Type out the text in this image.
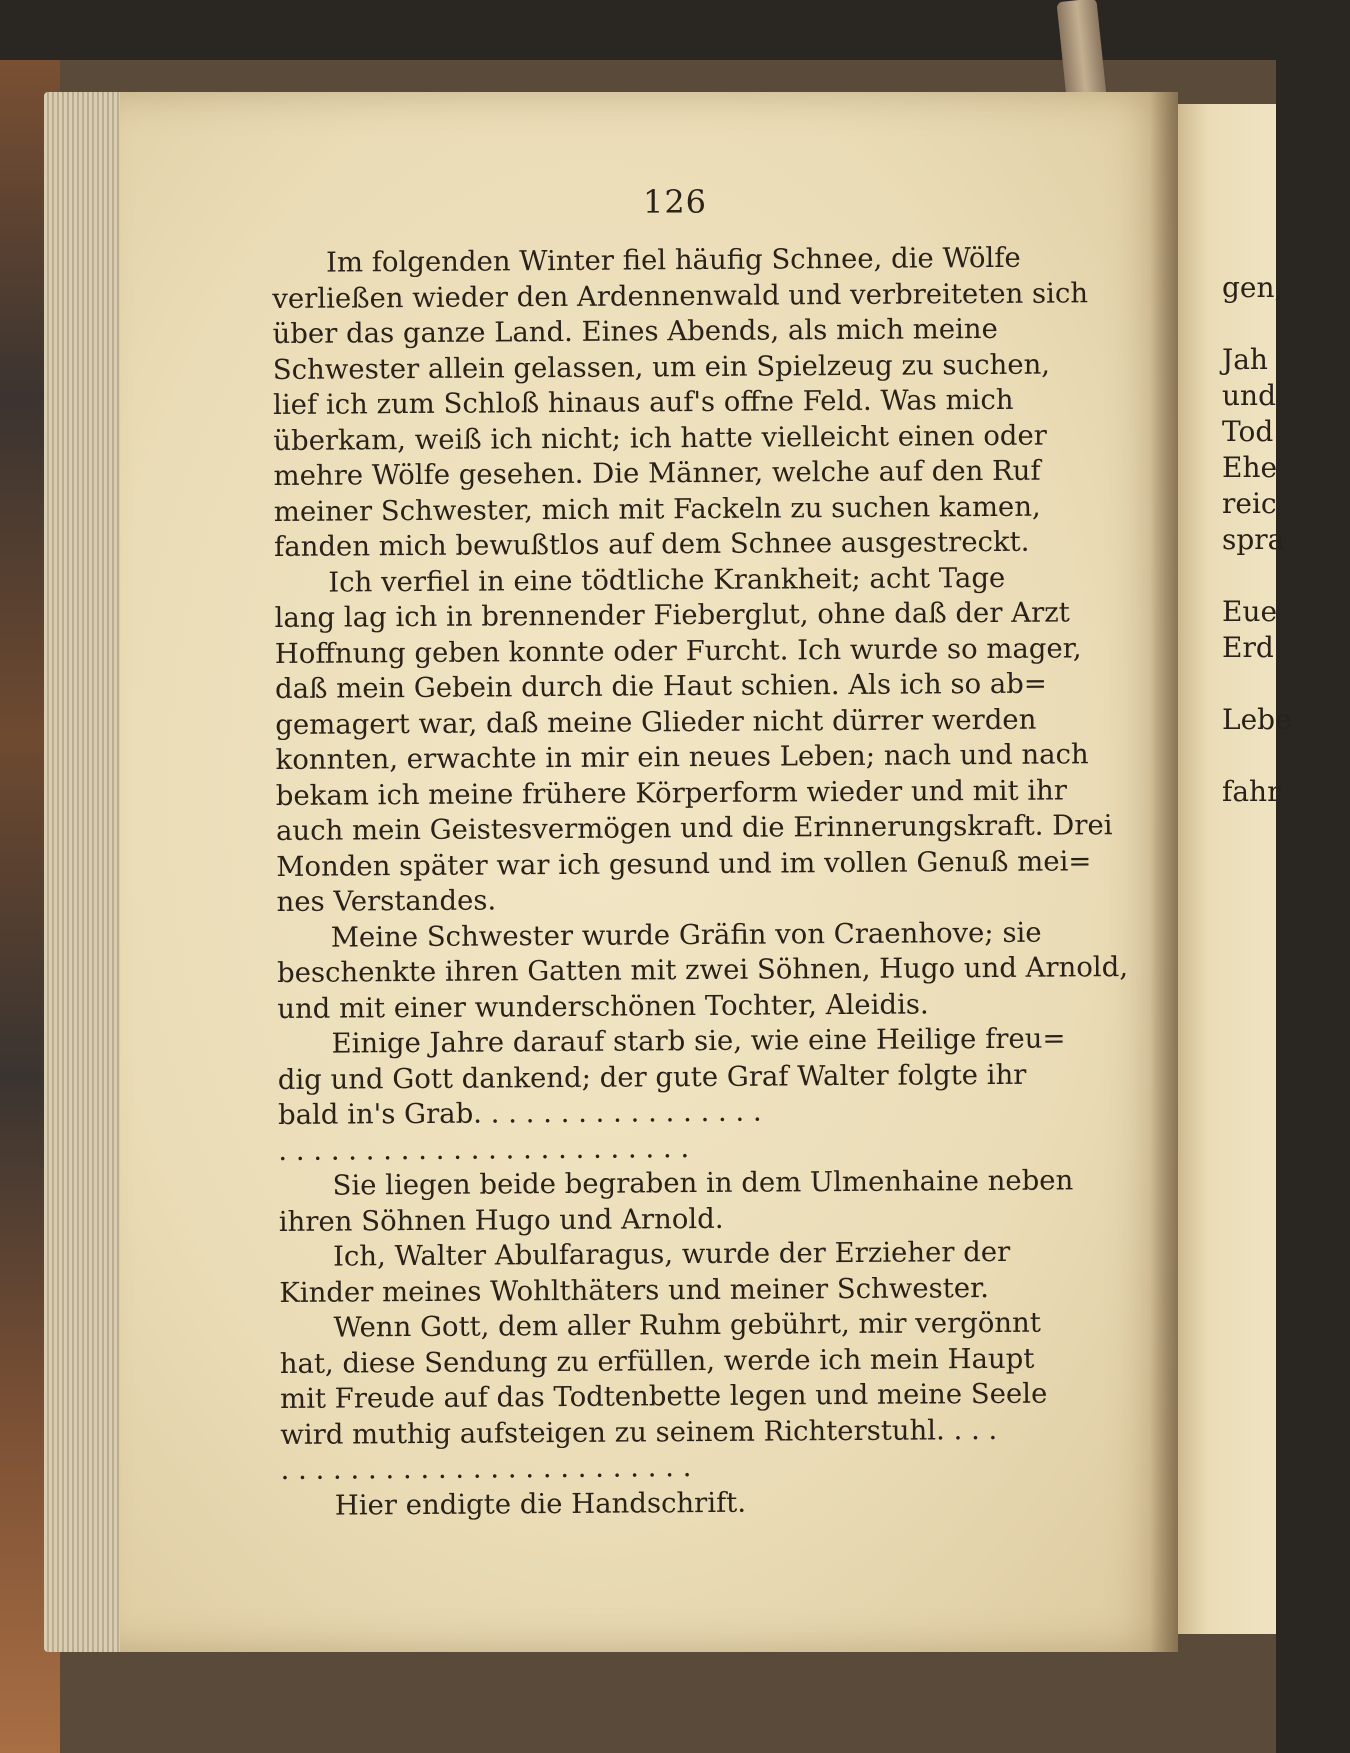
126
Im folgenden Winter fiel häufig Schnee, die Wölfe
verließen wieder den Ardennenwald und verbreiteten sich
über das ganze Land. Eines Abends, als mich meine
Schwester allein gelassen, um ein Spielzeug zu suchen,
lief ich zum Schloß hinaus auf's offne Feld. Was mich
überkam, weiß ich nicht; ich hatte vielleicht einen oder
mehre Wölfe gesehen. Die Männer, welche auf den Ruf
meiner Schwester, mich mit Fackeln zu suchen kamen,
fanden mich bewußtlos auf dem Schnee ausgestreckt.
Ich verfiel in eine tödtliche Krankheit; acht Tage
lang lag ich in brennender Fieberglut, ohne daß der Arzt
Hoffnung geben konnte oder Furcht. Ich wurde so mager,
daß mein Gebein durch die Haut schien. Als ich so ab=
gemagert war, daß meine Glieder nicht dürrer werden
konnten, erwachte in mir ein neues Leben; nach und nach
bekam ich meine frühere Körperform wieder und mit ihr
auch mein Geistesvermögen und die Erinnerungskraft. Drei
Monden später war ich gesund und im vollen Genuß mei=
nes Verstandes.
Meine Schwester wurde Gräfin von Craenhove; sie
beschenkte ihren Gatten mit zwei Söhnen, Hugo und Arnold,
und mit einer wunderschönen Tochter, Aleidis.
Einige Jahre darauf starb sie, wie eine Heilige freu=
dig und Gott dankend; der gute Graf Walter folgte ihr
bald in's Grab. . . . . . . . . . . . . . . . .
. . . . . . . . . . . . . . . . . . . . . . . .
Sie liegen beide begraben in dem Ulmenhaine neben
ihren Söhnen Hugo und Arnold.
Ich, Walter Abulfaragus, wurde der Erzieher der
Kinder meines Wohlthäters und meiner Schwester.
Wenn Gott, dem aller Ruhm gebührt, mir vergönnt
hat, diese Sendung zu erfüllen, werde ich mein Haupt
mit Freude auf das Todtenbette legen und meine Seele
wird muthig aufsteigen zu seinem Richterstuhl. . . .
. . . . . . . . . . . . . . . . . . . . . . . .
Hier endigte die Handschrift.
gen,
Jah
und
Tod
Ehe
reic
spra
Eue
Erd
Lebe
fahr
